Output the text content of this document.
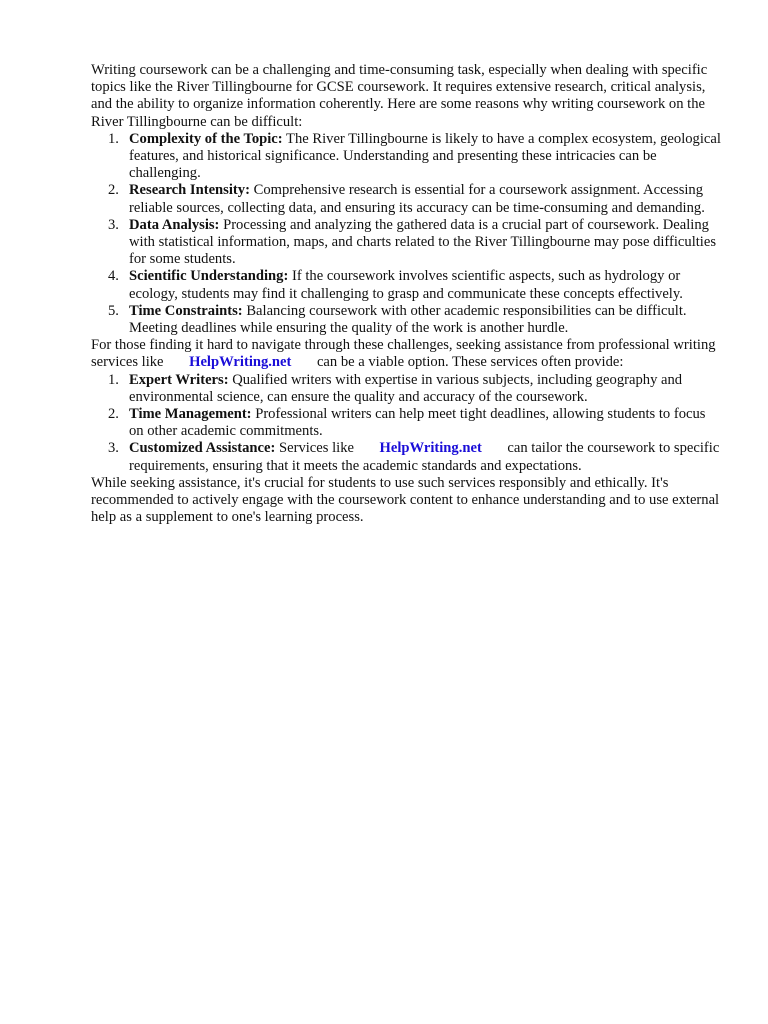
Writing coursework can be a challenging and time-consuming task, especially when dealing with specific topics like the River Tillingbourne for GCSE coursework. It requires extensive research, critical analysis, and the ability to organize information coherently. Here are some reasons why writing coursework on the River Tillingbourne can be difficult:

1. Complexity of the Topic: The River Tillingbourne is likely to have a complex ecosystem, geological features, and historical significance. Understanding and presenting these intricacies can be challenging.
2. Research Intensity: Comprehensive research is essential for a coursework assignment. Accessing reliable sources, collecting data, and ensuring its accuracy can be time-consuming and demanding.
3. Data Analysis: Processing and analyzing the gathered data is a crucial part of coursework. Dealing with statistical information, maps, and charts related to the River Tillingbourne may pose difficulties for some students.
4. Scientific Understanding: If the coursework involves scientific aspects, such as hydrology or ecology, students may find it challenging to grasp and communicate these concepts effectively.
5. Time Constraints: Balancing coursework with other academic responsibilities can be difficult. Meeting deadlines while ensuring the quality of the work is another hurdle.

For those finding it hard to navigate through these challenges, seeking assistance from professional writing services like HelpWriting.net can be a viable option. These services often provide:

1. Expert Writers: Qualified writers with expertise in various subjects, including geography and environmental science, can ensure the quality and accuracy of the coursework.
2. Time Management: Professional writers can help meet tight deadlines, allowing students to focus on other academic commitments.
3. Customized Assistance: Services like HelpWriting.net can tailor the coursework to specific requirements, ensuring that it meets the academic standards and expectations.

While seeking assistance, it's crucial for students to use such services responsibly and ethically. It's recommended to actively engage with the coursework content to enhance understanding and to use external help as a supplement to one's learning process.
